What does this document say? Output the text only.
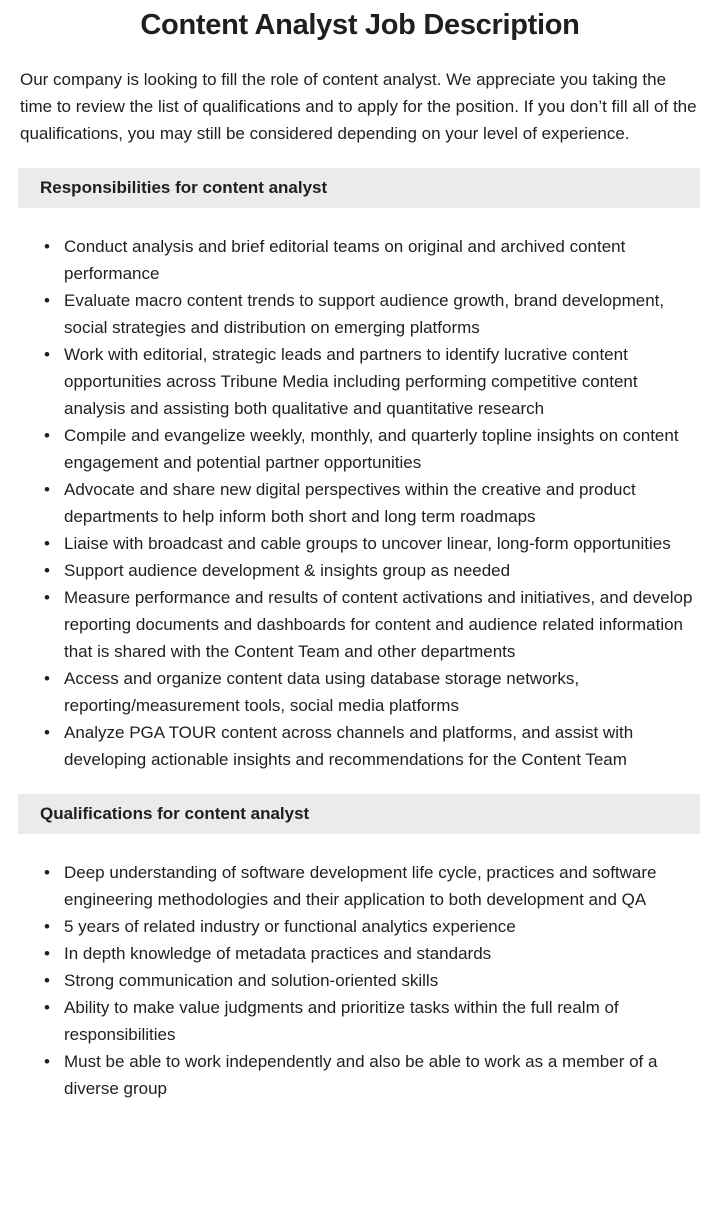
Content Analyst Job Description

Our company is looking to fill the role of content analyst. We appreciate you taking the time to review the list of qualifications and to apply for the position. If you don’t fill all of the qualifications, you may still be considered depending on your level of experience.

Responsibilities for content analyst
• Conduct analysis and brief editorial teams on original and archived content performance
• Evaluate macro content trends to support audience growth, brand development, social strategies and distribution on emerging platforms
• Work with editorial, strategic leads and partners to identify lucrative content opportunities across Tribune Media including performing competitive content analysis and assisting both qualitative and quantitative research
• Compile and evangelize weekly, monthly, and quarterly topline insights on content engagement and potential partner opportunities
• Advocate and share new digital perspectives within the creative and product departments to help inform both short and long term roadmaps
• Liaise with broadcast and cable groups to uncover linear, long-form opportunities
• Support audience development & insights group as needed
• Measure performance and results of content activations and initiatives, and develop reporting documents and dashboards for content and audience related information that is shared with the Content Team and other departments
• Access and organize content data using database storage networks, reporting/measurement tools, social media platforms
• Analyze PGA TOUR content across channels and platforms, and assist with developing actionable insights and recommendations for the Content Team
Qualifications for content analyst
• Deep understanding of software development life cycle, practices and software engineering methodologies and their application to both development and QA
• 5 years of related industry or functional analytics experience
• In depth knowledge of metadata practices and standards
• Strong communication and solution-oriented skills
• Ability to make value judgments and prioritize tasks within the full realm of responsibilities
• Must be able to work independently and also be able to work as a member of a diverse group
